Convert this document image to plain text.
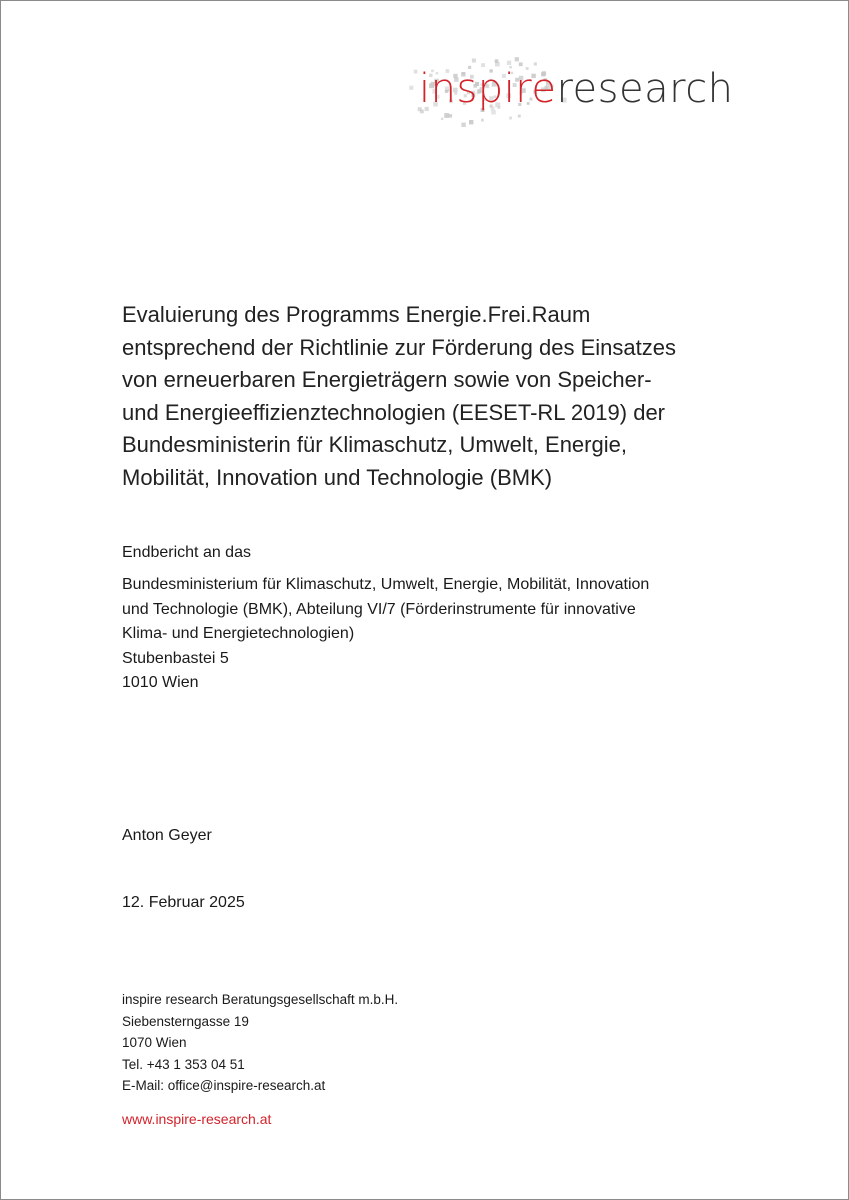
inspireresearch
Evaluierung des Programms Energie.Frei.Raum
entsprechend der Richtlinie zur Förderung des Einsatzes
von erneuerbaren Energieträgern sowie von Speicher-
und Energieeffizienztechnologien (EESET-RL 2019) der
Bundesministerin für Klimaschutz, Umwelt, Energie,
Mobilität, Innovation und Technologie (BMK)
Endbericht an das
Bundesministerium für Klimaschutz, Umwelt, Energie, Mobilität, Innovation
und Technologie (BMK), Abteilung VI/7 (Förderinstrumente für innovative
Klima- und Energietechnologien)
Stubenbastei 5
1010 Wien
Anton Geyer
12. Februar 2025
inspire research Beratungsgesellschaft m.b.H.
Siebensterngasse 19
1070 Wien
Tel. +43 1 353 04 51
E-Mail: office@inspire-research.at
www.inspire-research.at
